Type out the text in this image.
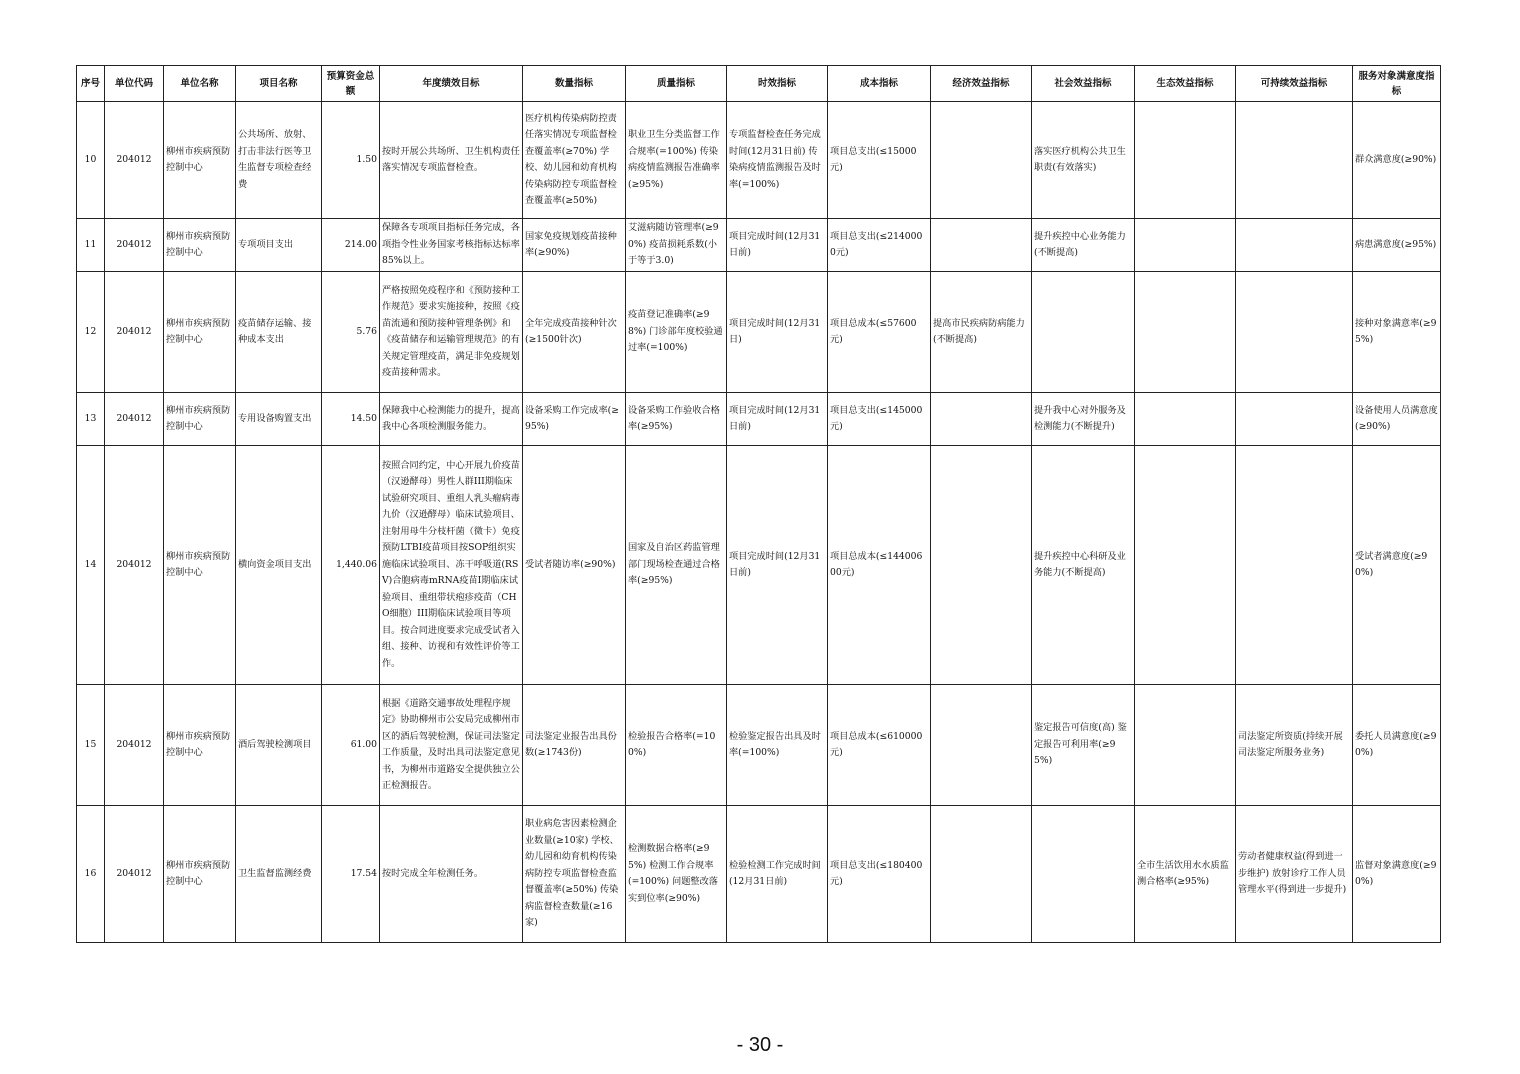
序号	单位代码	单位名称	项目名称	预算资金总额	年度绩效目标	数量指标	质量指标	时效指标	成本指标	经济效益指标	社会效益指标	生态效益指标	可持续效益指标	服务对象满意度指标
10	204012	柳州市疾病预防控制中心	公共场所、放射、打击非法行医等卫生监督专项检查经费	1.50	按时开展公共场所、卫生机构责任落实情况专项监督检查。	医疗机构传染病防控责任落实情况专项监督检查覆盖率(≥70%) 学校、幼儿园和幼育机构传染病防控专项监督检查覆盖率(≥50%)	职业卫生分类监督工作合规率(=100%) 传染病疫情监测报告准确率(≥95%)	专项监督检查任务完成时间(12月31日前) 传染病疫情监测报告及时率(=100%)	项目总支出(≤15000元)		落实医疗机构公共卫生职责(有效落实)			群众满意度(≥90%)
11	204012	柳州市疾病预防控制中心	专项项目支出	214.00	保障各专项项目指标任务完成，各项指令性业务国家考核指标达标率85%以上。	国家免疫规划疫苗接种率(≥90%)	艾滋病随访管理率(≥90%) 疫苗损耗系数(小于等于3.0)	项目完成时间(12月31日前)	项目总支出(≤2140000元)		提升疾控中心业务能力(不断提高)			病患满意度(≥95%)
12	204012	柳州市疾病预防控制中心	疫苗储存运输、接种成本支出	5.76	严格按照免疫程序和《预防接种工作规范》要求实施接种，按照《疫苗流通和预防接种管理条例》和《疫苗储存和运输管理规范》的有关规定管理疫苗，满足非免疫规划疫苗接种需求。	全年完成疫苗接种针次(≥1500针次)	疫苗登记准确率(≥98%) 门诊部年度校验通过率(=100%)	项目完成时间(12月31日)	项目总成本(≤57600元)	提高市民疾病防病能力(不断提高)				接种对象满意率(≥95%)
13	204012	柳州市疾病预防控制中心	专用设备购置支出	14.50	保障我中心检测能力的提升，提高我中心各项检测服务能力。	设备采购工作完成率(≥95%)	设备采购工作验收合格率(≥95%)	项目完成时间(12月31日前)	项目总支出(≤145000元)		提升我中心对外服务及检测能力(不断提升)			设备使用人员满意度(≥90%)
14	204012	柳州市疾病预防控制中心	横向资金项目支出	1,440.06	按照合同约定，中心开展九价疫苗（汉逊酵母）男性人群III期临床试验研究项目、重组人乳头瘤病毒九价（汉逊酵母）临床试验项目、注射用母牛分枝杆菌（微卡）免疫预防LTBI疫苗项目按SOP组织实施临床试验项目、冻干呼吸道(RSV)合胞病毒mRNA疫苗I期临床试验项目、重组带状疱疹疫苗（CHO细胞）III期临床试验项目等项目。按合同进度要求完成受试者入组、接种、访视和有效性评价等工作。	受试者随访率(≥90%)	国家及自治区药监管理部门现场检查通过合格率(≥95%)	项目完成时间(12月31日前)	项目总成本(≤14400600元)		提升疾控中心科研及业务能力(不断提高)			受试者满意度(≥90%)
15	204012	柳州市疾病预防控制中心	酒后驾驶检测项目	61.00	根据《道路交通事故处理程序规定》协助柳州市公安局完成柳州市区的酒后驾驶检测，保证司法鉴定工作质量，及时出具司法鉴定意见书，为柳州市道路安全提供独立公正检测报告。	司法鉴定业报告出具份数(≥1743份)	检验报告合格率(=100%)	检验鉴定报告出具及时率(=100%)	项目总成本(≤610000元)		鉴定报告可信度(高) 鉴定报告可利用率(≥95%)		司法鉴定所资质(持续开展司法鉴定所服务业务)	委托人员满意度(≥90%)
16	204012	柳州市疾病预防控制中心	卫生监督监测经费	17.54	按时完成全年检测任务。	职业病危害因素检测企业数量(≥10家) 学校、幼儿园和幼育机构传染病防控专项监督检查监督覆盖率(≥50%) 传染病监督检查数量(≥16家)	检测数据合格率(≥95%) 检测工作合规率(=100%) 问题整改落实到位率(≥90%)	检验检测工作完成时间(12月31日前)	项目总支出(≤180400元)			全市生活饮用水水质监测合格率(≥95%)	劳动者健康权益(得到进一步维护) 放射诊疗工作人员管理水平(得到进一步提升)	监督对象满意度(≥90%)
- 30 -
